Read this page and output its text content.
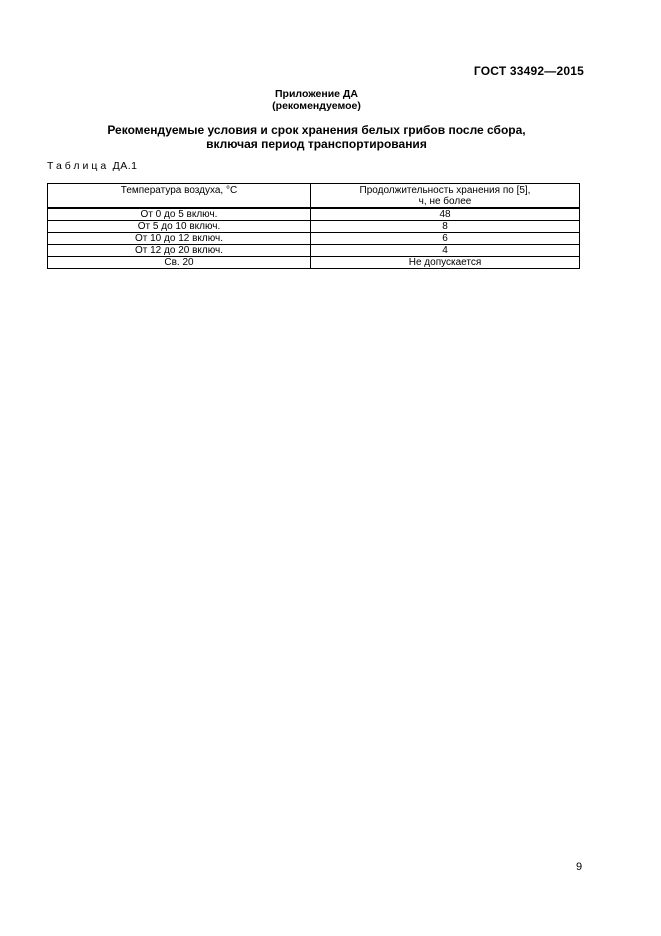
ГОСТ 33492—2015
Приложение ДА
(рекомендуемое)
Рекомендуемые условия и срок хранения белых грибов после сбора,
включая период транспортирования
Таблица ДА.1
Температура воздуха, °С	Продолжительность хранения по [5],
ч, не более

От 0 до 5 включ.	48
От 5 до 10 включ.	8
От 10 до 12 включ.	6
От 12 до 20 включ.	4
Св. 20	Не допускается
9
